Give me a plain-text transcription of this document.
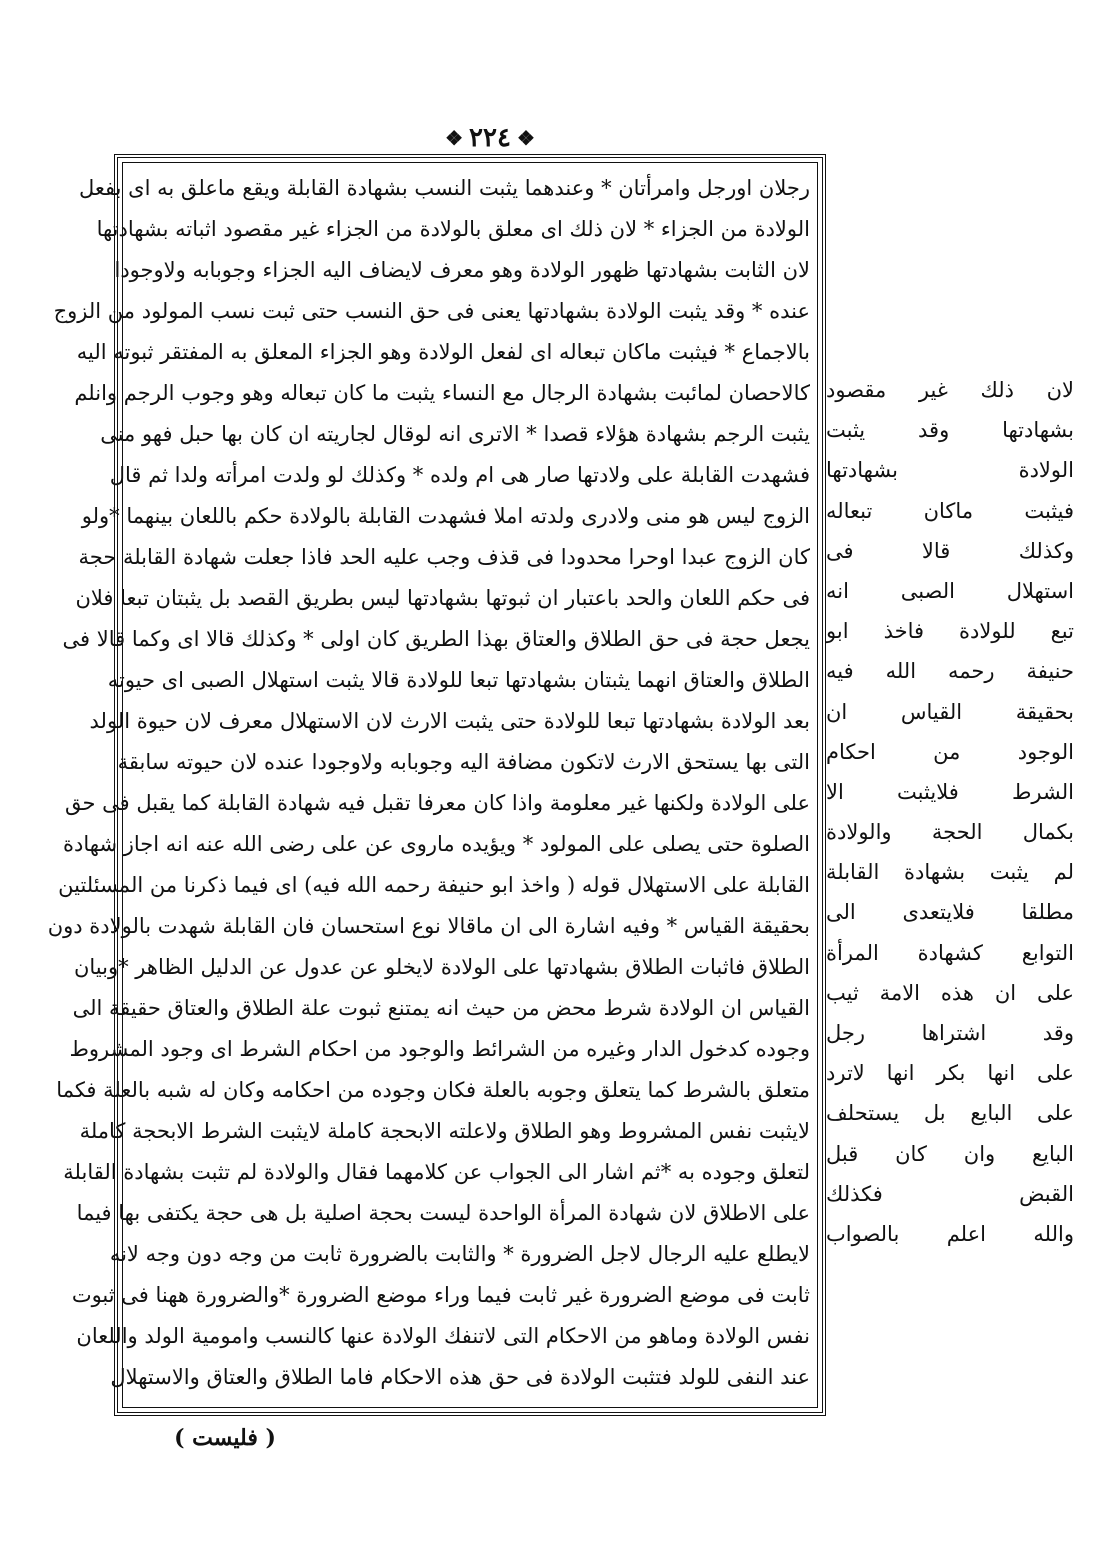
❖
٢٢٤
❖
رجلان اورجل وامرأتان * وعندهما يثبت النسب بشهادة القابلة ويقع ماعلق به اى بفعل
الولادة من الجزاء * لان ذلك اى معلق بالولادة من الجزاء غير مقصود اثباته بشهادتها
لان الثابت بشهادتها ظهور الولادة وهو معرف لايضاف اليه الجزاء وجوبابه ولاوجودا
عنده * وقد يثبت الولادة بشهادتها يعنى فى حق النسب حتى ثبت نسب المولود من الزوج
بالاجماع * فيثبت ماكان تبعاله اى لفعل الولادة وهو الجزاء المعلق به المفتقر ثبوته اليه
كالاحصان لمائبت بشهادة الرجال مع النساء يثبت ما كان تبعاله وهو وجوب الرجم وانلم
يثبت الرجم بشهادة هؤلاء قصدا * الاترى انه لوقال لجاريته ان كان بها حبل فهو منى
فشهدت القابلة على ولادتها صار هى ام ولده * وكذلك لو ولدت امرأته ولدا ثم قال
الزوج ليس هو منى ولادرى ولدته املا فشهدت القابلة بالولادة حكم باللعان بينهما *ولو
كان الزوج عبدا اوحرا محدودا فى قذف وجب عليه الحد فاذا جعلت شهادة القابلة حجة
فى حكم اللعان والحد باعتبار ان ثبوتها بشهادتها ليس بطريق القصد بل يثبتان تبعا فلان
يجعل حجة فى حق الطلاق والعتاق بهذا الطريق كان اولى * وكذلك قالا اى وكما قالا فى
الطلاق والعتاق انهما يثبتان بشهادتها تبعا للولادة قالا يثبت استهلال الصبى اى حيوته
بعد الولادة بشهادتها تبعا للولادة حتى يثبت الارث لان الاستهلال معرف لان حيوة الولد
التى بها يستحق الارث لاتكون مضافة اليه وجوبابه ولاوجودا عنده لان حيوته سابقة
على الولادة ولكنها غير معلومة واذا كان معرفا تقبل فيه شهادة القابلة كما يقبل فى حق
الصلوة حتى يصلى على المولود * ويؤيده ماروى عن على رضى الله عنه انه اجاز شهادة
القابلة على الاستهلال قوله ( واخذ ابو حنيفة رحمه الله فيه) اى فيما ذكرنا من المسئلتين
بحقيقة القياس * وفيه اشارة الى ان ماقالا نوع استحسان فان القابلة شهدت بالولادة دون
الطلاق فاثبات الطلاق بشهادتها على الولادة لايخلو عن عدول عن الدليل الظاهر *وبيان
القياس ان الولادة شرط محض من حيث انه يمتنع ثبوت علة الطلاق والعتاق حقيقة الى
وجوده كدخول الدار وغيره من الشرائط والوجود من احكام الشرط اى وجود المشروط
متعلق بالشرط كما يتعلق وجوبه بالعلة فكان وجوده من احكامه وكان له شبه بالعلة فكما
لايثبت نفس المشروط وهو الطلاق ولاعلته الابحجة كاملة لايثبت الشرط الابحجة كاملة
لتعلق وجوده به *ثم اشار الى الجواب عن كلامهما فقال والولادة لم تثبت بشهادة القابلة
على الاطلاق لان شهادة المرأة الواحدة ليست بحجة اصلية بل هى حجة يكتفى بها فيما
لايطلع عليه الرجال لاجل الضرورة * والثابت بالضرورة ثابت من وجه دون وجه لانه
ثابت فى موضع الضرورة غير ثابت فيما وراء موضع الضرورة *والضرورة ههنا فى ثبوت
نفس الولادة وماهو من الاحكام التى لاتنفك الولادة عنها كالنسب وامومية الولد واللعان
عند النفى للولد فتثبت الولادة فى حق هذه الاحكام فاما الطلاق والعتاق والاستهلال
لان ذلك غير مقصود
بشهادتها وقد يثبت
الولادة بشهادتها
فيثبت ماكان تبعاله
وكذلك قالا فى
استهلال الصبى انه
تبع للولادة فاخذ ابو
حنيفة رحمه الله فيه
بحقيقة القياس ان
الوجود من احكام
الشرط فلايثبت الا
بكمال الحجة والولادة
لم يثبت بشهادة القابلة
مطلقا فلايتعدى الى
التوابع كشهادة المرأة
على ان هذه الامة ثيب
وقد اشتراها رجل
على انها بكر انها لاترد
على البايع بل يستحلف
البايع وان كان قبل
القبض فكذلك
والله اعلم بالصواب
( فليست )
